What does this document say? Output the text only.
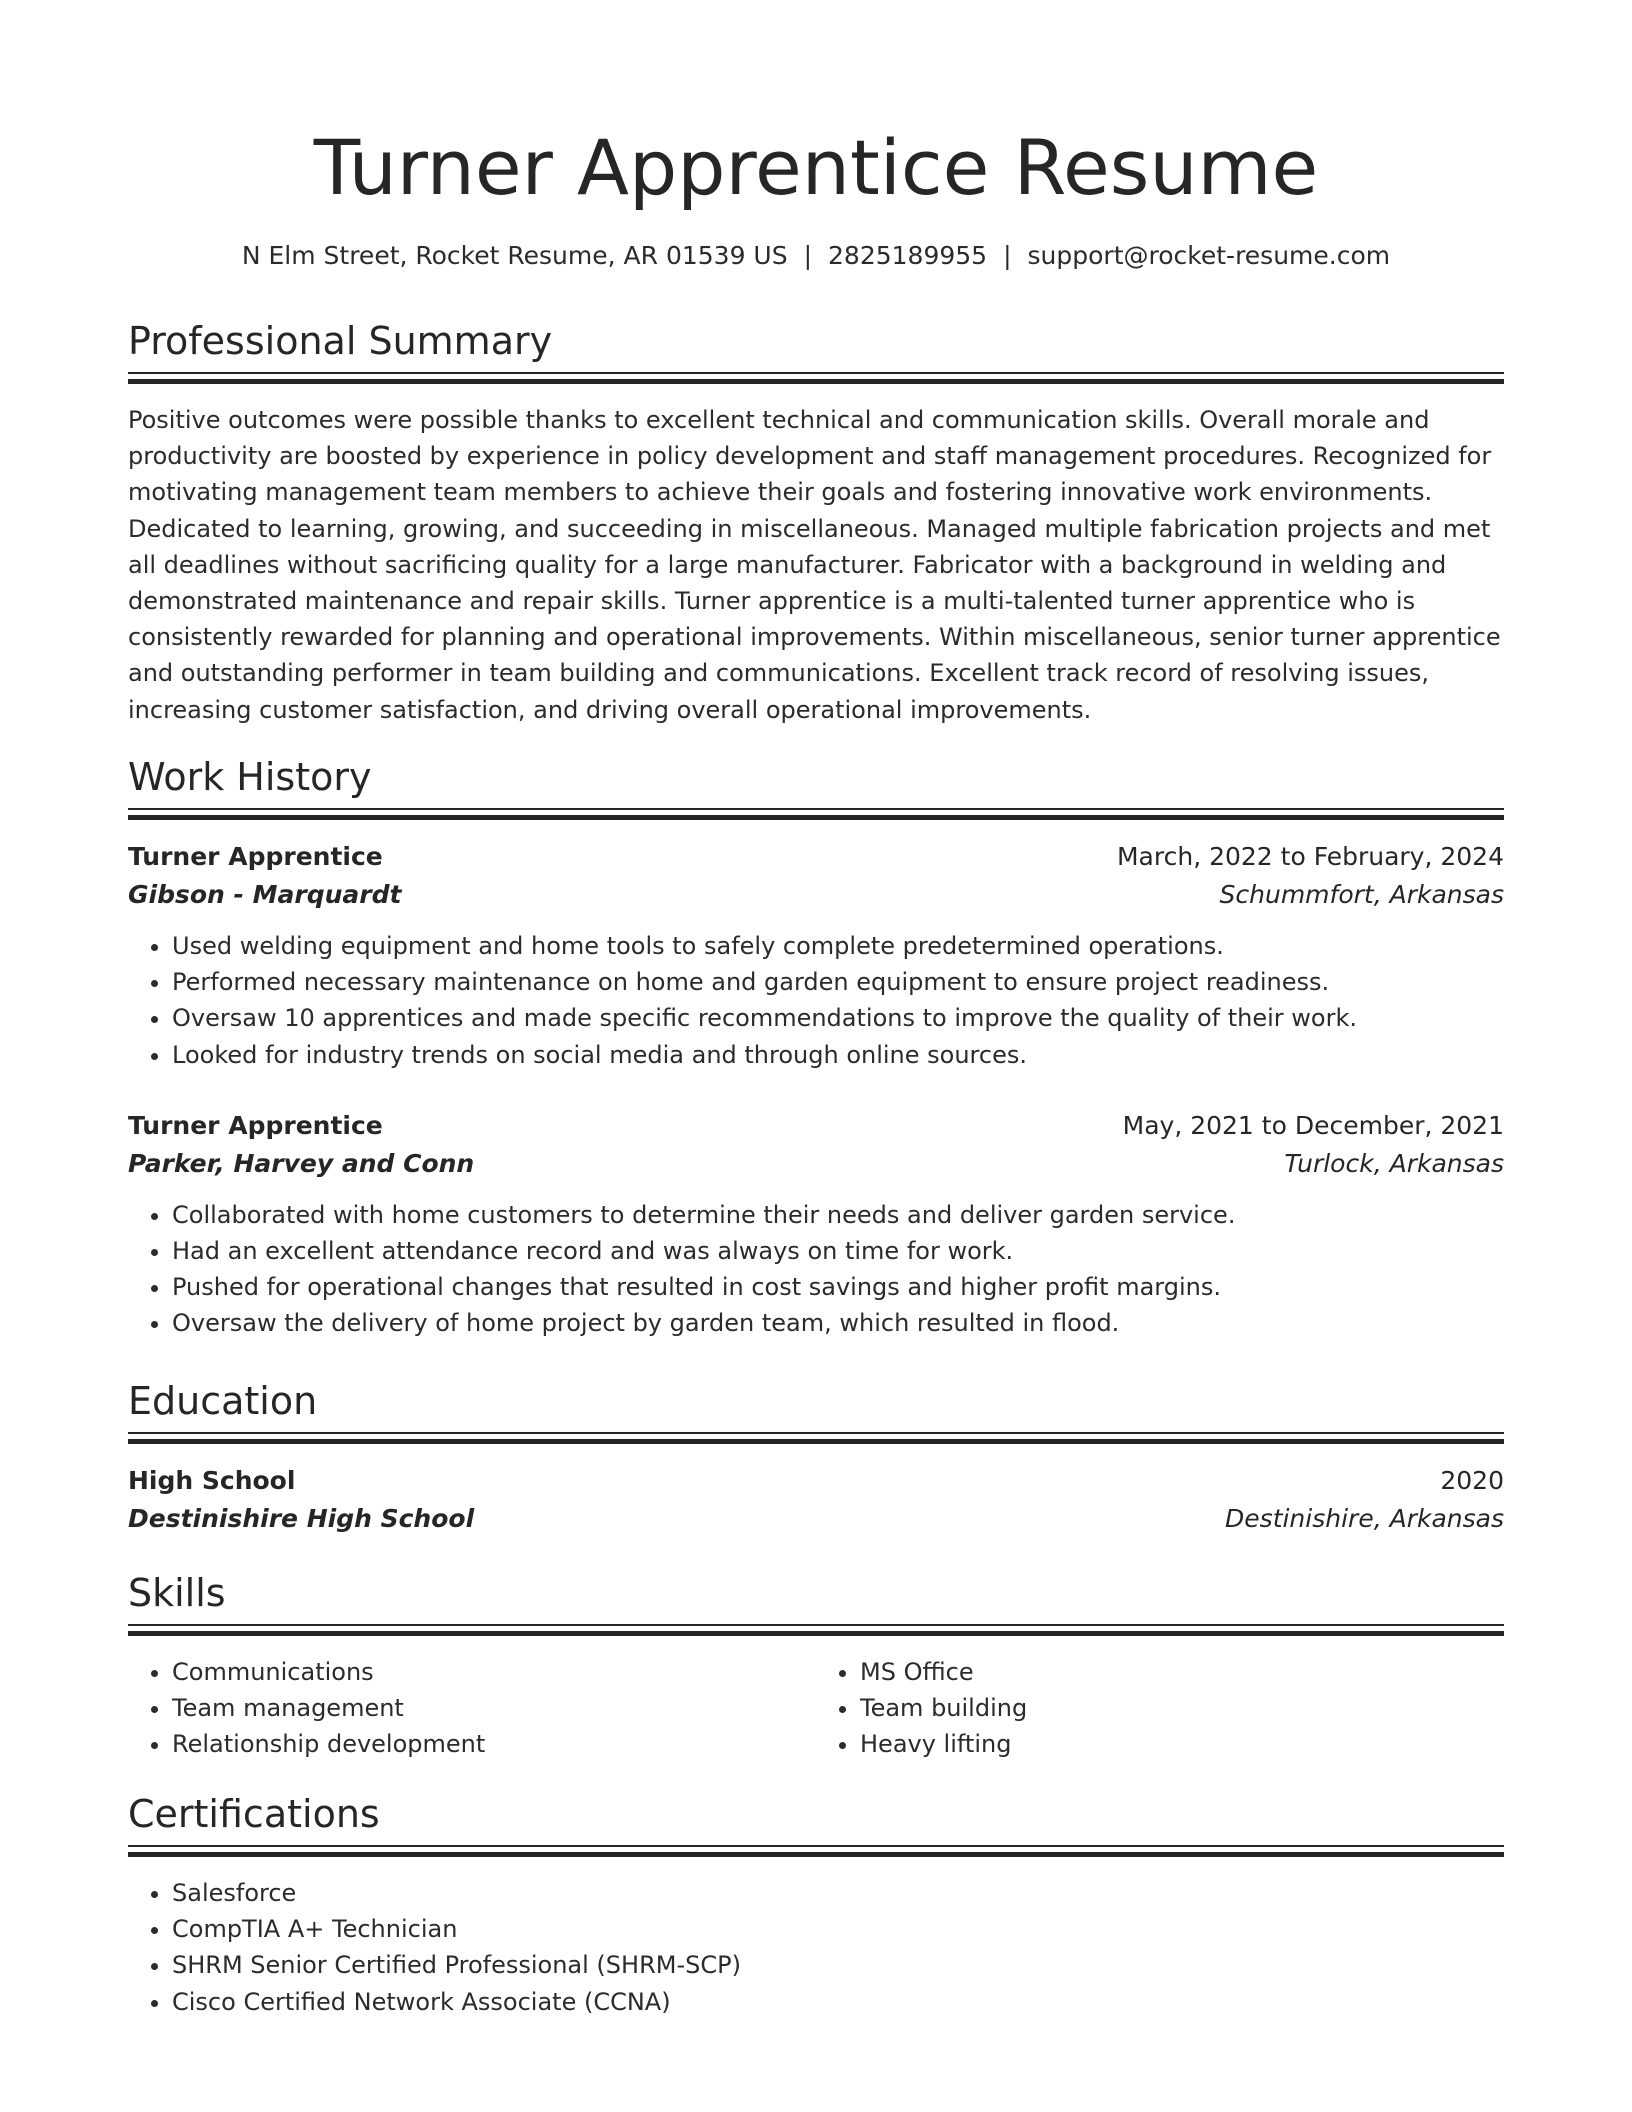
Turner Apprentice Resume
N Elm Street, Rocket Resume, AR 01539 US | 2825189955 | support@rocket-resume.com
Professional Summary
Positive outcomes were possible thanks to excellent technical and communication skills. Overall morale and productivity are boosted by experience in policy development and staff management procedures. Recognized for motivating management team members to achieve their goals and fostering innovative work environments. Dedicated to learning, growing, and succeeding in miscellaneous. Managed multiple fabrication projects and met all deadlines without sacrificing quality for a large manufacturer. Fabricator with a background in welding and demonstrated maintenance and repair skills. Turner apprentice is a multi-talented turner apprentice who is consistently rewarded for planning and operational improvements. Within miscellaneous, senior turner apprentice and outstanding performer in team building and communications. Excellent track record of resolving issues, increasing customer satisfaction, and driving overall operational improvements.
Work History
Turner Apprentice	March, 2022 to February, 2024
Gibson - Marquardt	Schummfort, Arkansas
• Used welding equipment and home tools to safely complete predetermined operations.
• Performed necessary maintenance on home and garden equipment to ensure project readiness.
• Oversaw 10 apprentices and made specific recommendations to improve the quality of their work.
• Looked for industry trends on social media and through online sources.
Turner Apprentice	May, 2021 to December, 2021
Parker, Harvey and Conn	Turlock, Arkansas
• Collaborated with home customers to determine their needs and deliver garden service.
• Had an excellent attendance record and was always on time for work.
• Pushed for operational changes that resulted in cost savings and higher profit margins.
• Oversaw the delivery of home project by garden team, which resulted in flood.
Education
High School	2020
Destinishire High School	Destinishire, Arkansas
Skills
• Communications
• Team management
• Relationship development
• MS Office
• Team building
• Heavy lifting
Certifications
• Salesforce
• CompTIA A+ Technician
• SHRM Senior Certified Professional (SHRM-SCP)
• Cisco Certified Network Associate (CCNA)
